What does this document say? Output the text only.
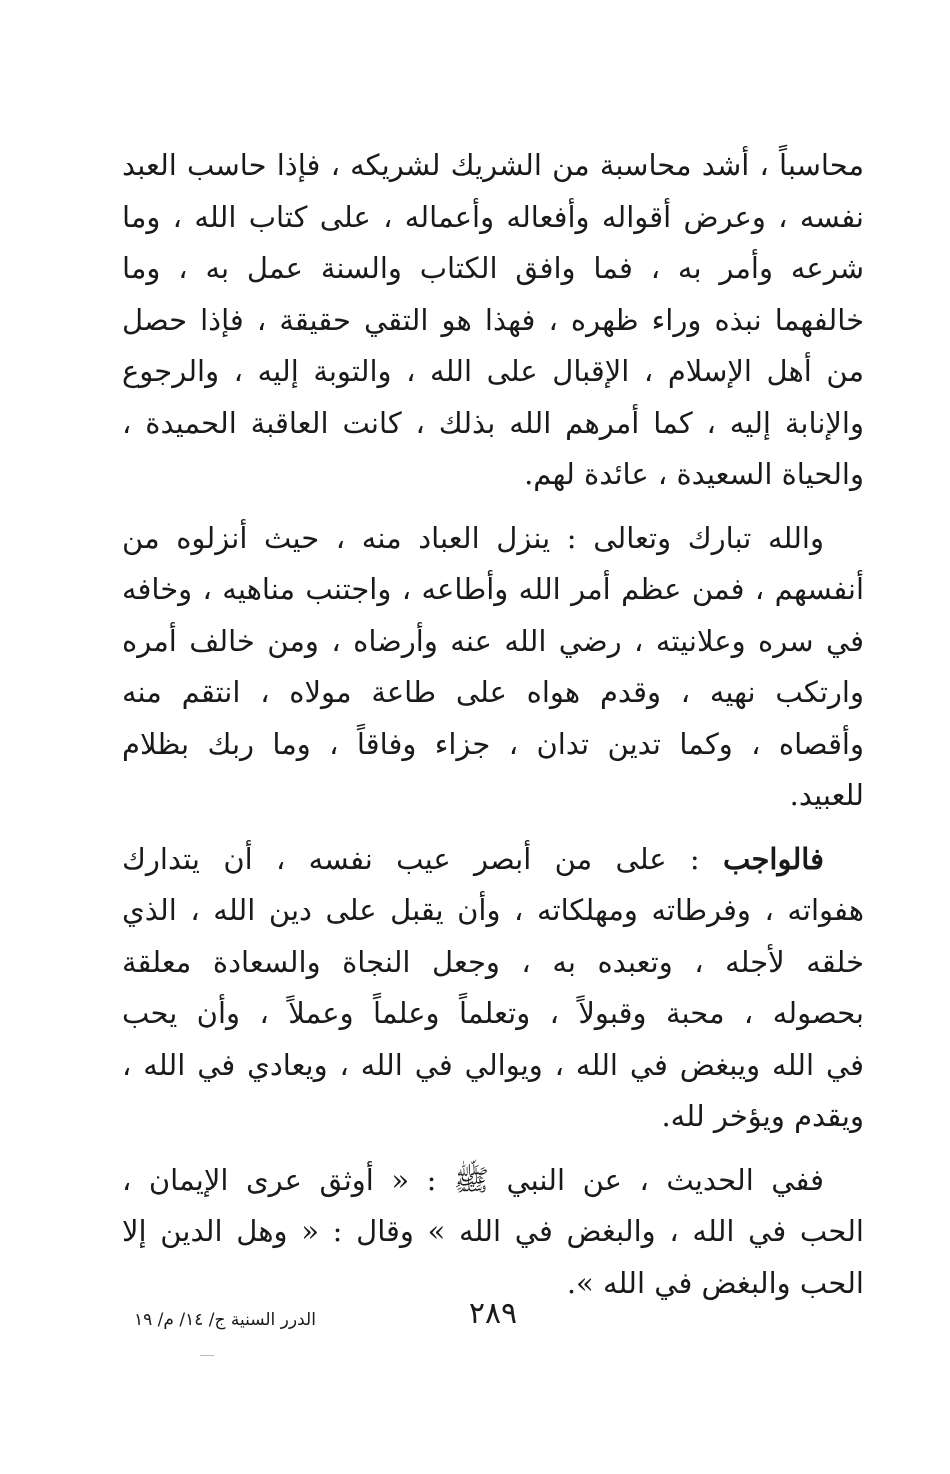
محاسباً ، أشد محاسبة من الشريك لشريكه ، فإذا حاسب العبد
نفسه ، وعرض أقواله وأفعاله وأعماله ، على كتاب الله ، وما
شرعه وأمر به ، فما وافق الكتاب والسنة عمل به ، وما
خالفهما نبذه وراء ظهره ، فهذا هو التقي حقيقة ، فإذا حصل
من أهل الإسلام ، الإقبال على الله ، والتوبة إليه ، والرجوع
والإنابة إليه ، كما أمرهم الله بذلك ، كانت العاقبة الحميدة ،
والحياة السعيدة ، عائدة لهم.

والله تبارك وتعالى : ينزل العباد منه ، حيث أنزلوه من
أنفسهم ، فمن عظم أمر الله وأطاعه ، واجتنب مناهيه ، وخافه
في سره وعلانيته ، رضي الله عنه وأرضاه ، ومن خالف أمره
وارتكب نهيه ، وقدم هواه على طاعة مولاه ، انتقم منه
وأقصاه ، وكما تدين تدان ، جزاء وفاقاً ، وما ربك بظلام
للعبيد.

فالواجب : على من أبصر عيب نفسه ، أن يتدارك
هفواته ، وفرطاته ومهلكاته ، وأن يقبل على دين الله ، الذي
خلقه لأجله ، وتعبده به ، وجعل النجاة والسعادة معلقة
بحصوله ، محبة وقبولاً ، وتعلماً وعلماً وعملاً ، وأن يحب
في الله ويبغض في الله ، ويوالي في الله ، ويعادي في الله ،
ويقدم ويؤخر لله.

ففي الحديث ، عن النبي ﷺ : « أوثق عرى الإيمان ،
الحب في الله ، والبغض في الله » وقال : « وهل الدين إلا
الحب والبغض في الله ».

٢٨٩
الدرر السنية ج/ ١٤/ م/ ١٩
